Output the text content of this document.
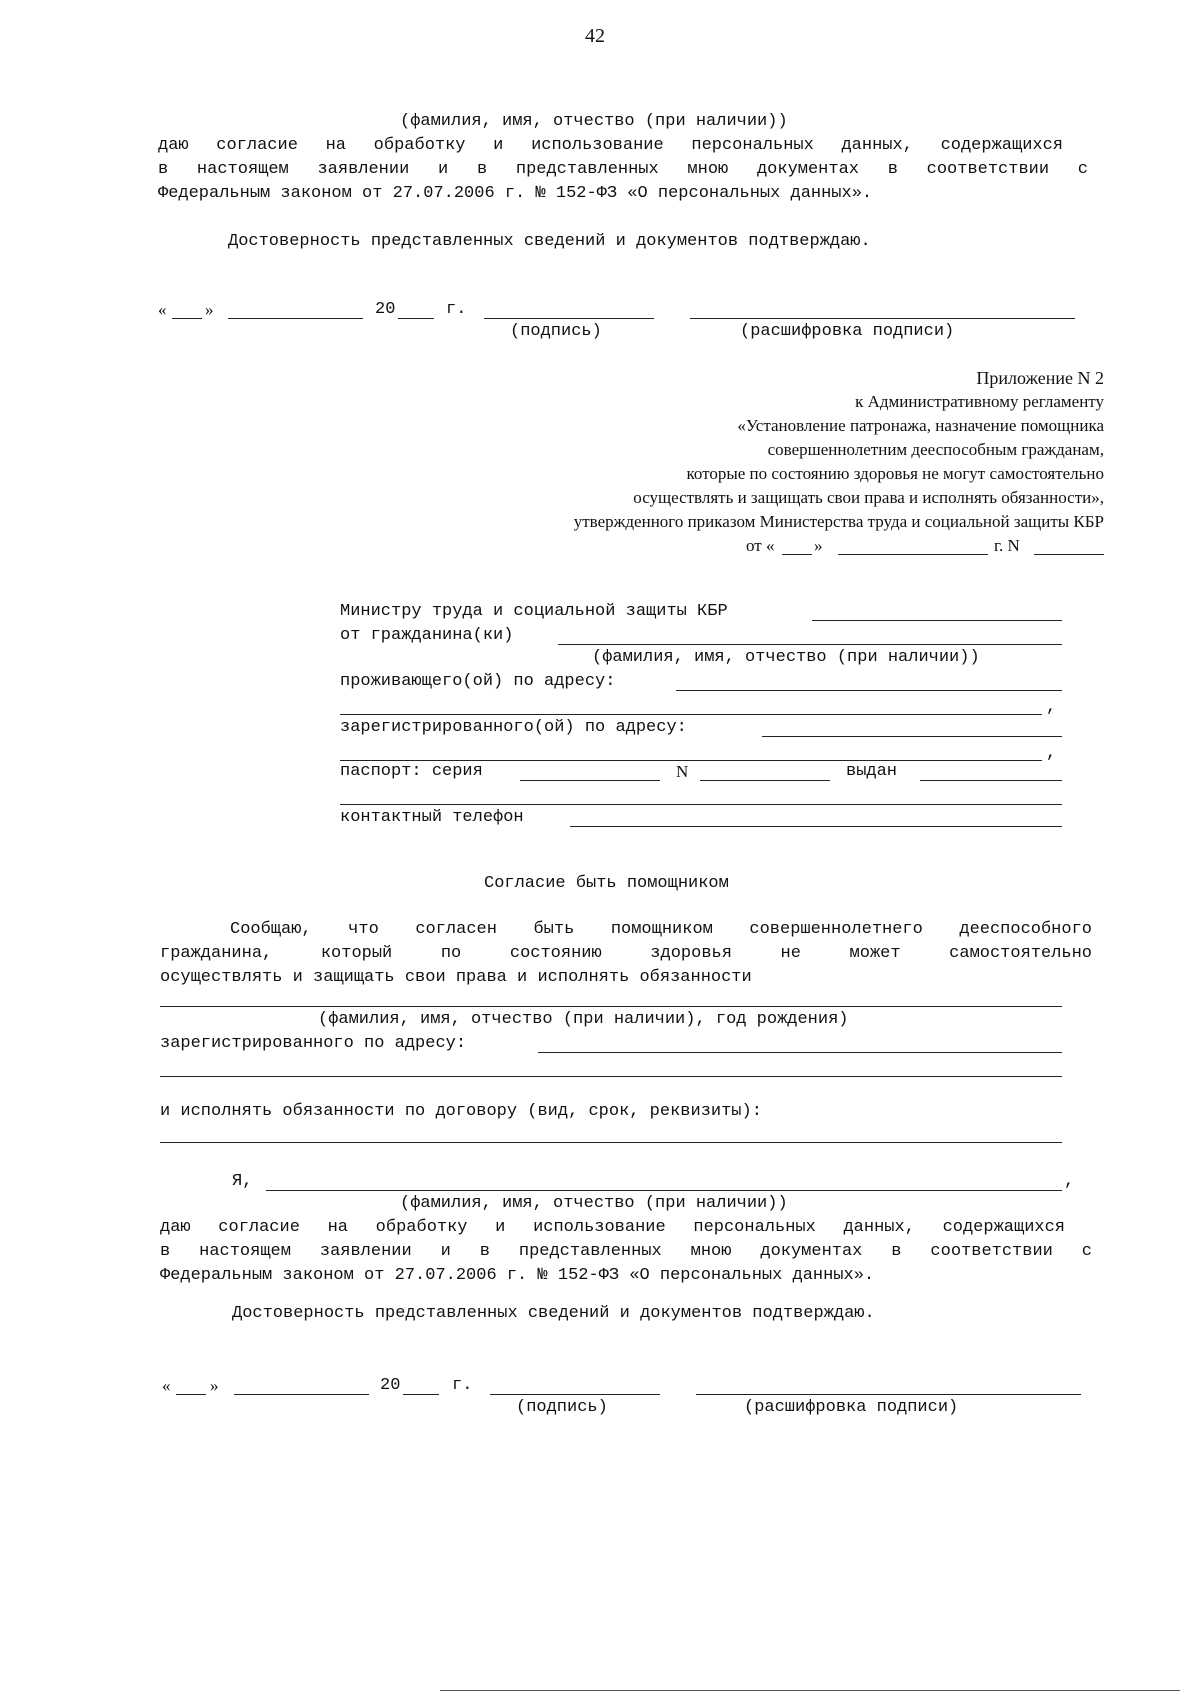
42
(фамилия, имя, отчество (при наличии))
даю согласие на обработку и использование персональных данных, содержащихся
в настоящем заявлении и в представленных мною документах в соответствии с
Федеральным законом от 27.07.2006 г. № 152-ФЗ «О персональных данных».
Достоверность представленных сведений и документов подтверждаю.
« »	20	г.
(подпись)	(расшифровка подписи)
Приложение N 2
к Административному регламенту
«Установление патронажа, назначение помощника
совершеннолетним дееспособным гражданам,
которые по состоянию здоровья не могут самостоятельно
осуществлять и защищать свои права и исполнять обязанности»,
утвержденного приказом Министерства труда и социальной защиты КБР
от « »	г. N
Министру труда и социальной защиты КБР
от гражданина(ки)
(фамилия, имя, отчество (при наличии))
проживающего(ой) по адресу:
,
зарегистрированного(ой) по адресу:
,
паспорт: серия	N	выдан
контактный телефон
Согласие быть помощником
Сообщаю, что согласен быть помощником совершеннолетнего дееспособного
гражданина, который по состоянию здоровья не может самостоятельно
осуществлять и защищать свои права и исполнять обязанности
(фамилия, имя, отчество (при наличии), год рождения)
зарегистрированного по адресу:
и исполнять обязанности по договору (вид, срок, реквизиты):
Я,	,
(фамилия, имя, отчество (при наличии))
даю согласие на обработку и использование персональных данных, содержащихся
в настоящем заявлении и в представленных мною документах в соответствии с
Федеральным законом от 27.07.2006 г. № 152-ФЗ «О персональных данных».
Достоверность представленных сведений и документов подтверждаю.
« »	20	г.
(подпись)	(расшифровка подписи)
